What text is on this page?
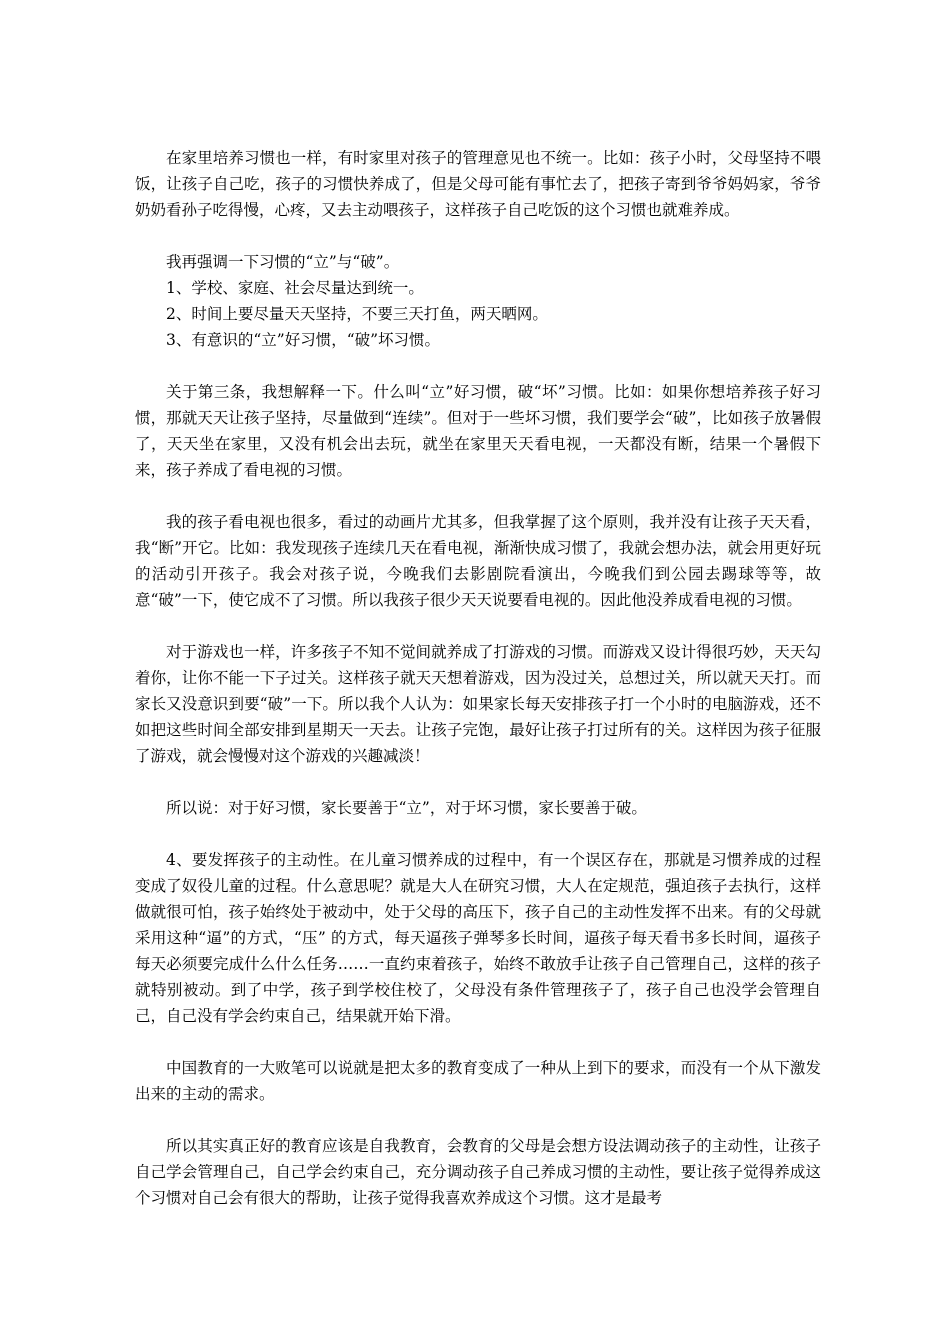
在家里培养习惯也一样，有时家里对孩子的管理意见也不统一。比如：孩子小时，父母坚持不喂饭，让孩子自己吃，孩子的习惯快养成了，但是父母可能有事忙去了，把孩子寄到爷爷妈妈家，爷爷奶奶看孙子吃得慢，心疼，又去主动喂孩子，这样孩子自己吃饭的这个习惯也就难养成。

我再强调一下习惯的“立”与“破”。

1、学校、家庭、社会尽量达到统一。

2、时间上要尽量天天坚持，不要三天打鱼，两天晒网。

3、有意识的“立”好习惯，“破”坏习惯。

关于第三条，我想解释一下。什么叫“立”好习惯，破“坏”习惯。比如：如果你想培养孩子好习惯，那就天天让孩子坚持，尽量做到“连续”。但对于一些坏习惯，我们要学会“破”，比如孩子放暑假了，天天坐在家里，又没有机会出去玩，就坐在家里天天看电视，一天都没有断，结果一个暑假下来，孩子养成了看电视的习惯。

我的孩子看电视也很多，看过的动画片尤其多，但我掌握了这个原则，我并没有让孩子天天看，我“断”开它。比如：我发现孩子连续几天在看电视，渐渐快成习惯了，我就会想办法，就会用更好玩的活动引开孩子。我会对孩子说，今晚我们去影剧院看演出，今晚我们到公园去踢球等等，故意“破”一下，使它成不了习惯。所以我孩子很少天天说要看电视的。因此他没养成看电视的习惯。

对于游戏也一样，许多孩子不知不觉间就养成了打游戏的习惯。而游戏又设计得很巧妙，天天勾着你，让你不能一下子过关。这样孩子就天天想着游戏，因为没过关，总想过关，所以就天天打。而家长又没意识到要“破”一下。所以我个人认为：如果家长每天安排孩子打一个小时的电脑游戏，还不如把这些时间全部安排到星期天一天去。让孩子完饱，最好让孩子打过所有的关。这样因为孩子征服了游戏，就会慢慢对这个游戏的兴趣减淡！

所以说：对于好习惯，家长要善于“立”，对于坏习惯，家长要善于破。

4、要发挥孩子的主动性。在儿童习惯养成的过程中，有一个误区存在，那就是习惯养成的过程变成了奴役儿童的过程。什么意思呢？就是大人在研究习惯，大人在定规范，强迫孩子去执行，这样做就很可怕，孩子始终处于被动中，处于父母的高压下，孩子自己的主动性发挥不出来。有的父母就采用这种“逼”的方式，“压” 的方式，每天逼孩子弹琴多长时间，逼孩子每天看书多长时间，逼孩子每天必须要完成什么什么任务……一直约束着孩子，始终不敢放手让孩子自己管理自己，这样的孩子就特别被动。到了中学，孩子到学校住校了，父母没有条件管理孩子了，孩子自己也没学会管理自己，自己没有学会约束自己，结果就开始下滑。

中国教育的一大败笔可以说就是把太多的教育变成了一种从上到下的要求，而没有一个从下激发出来的主动的需求。

所以其实真正好的教育应该是自我教育，会教育的父母是会想方设法调动孩子的主动性，让孩子自己学会管理自己，自己学会约束自己，充分调动孩子自己养成习惯的主动性，要让孩子觉得养成这个习惯对自己会有很大的帮助，让孩子觉得我喜欢养成这个习惯。这才是最考
